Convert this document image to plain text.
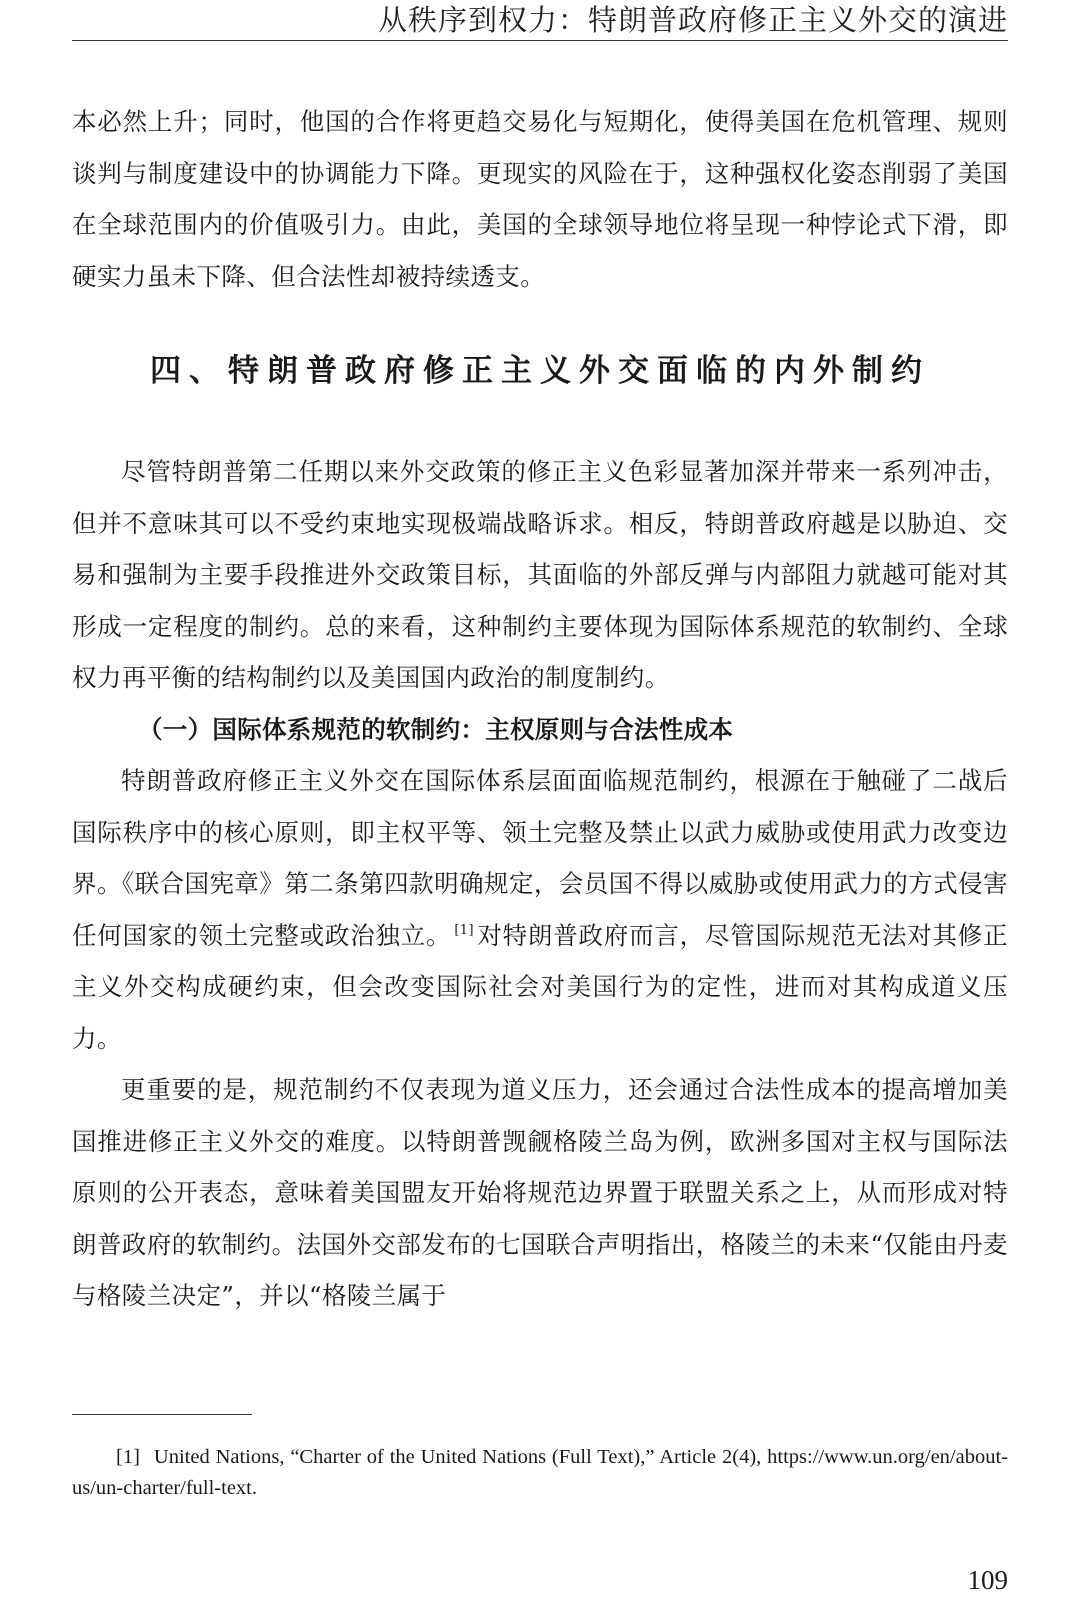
从秩序到权力：特朗普政府修正主义外交的演进

本必然上升；同时，他国的合作将更趋交易化与短期化，使得美国在危机管理、规则谈判与制度建设中的协调能力下降。更现实的风险在于，这种强权化姿态削弱了美国在全球范围内的价值吸引力。由此，美国的全球领导地位将呈现一种悖论式下滑，即硬实力虽未下降、但合法性却被持续透支。

四、特朗普政府修正主义外交面临的内外制约

尽管特朗普第二任期以来外交政策的修正主义色彩显著加深并带来一系列冲击，但并不意味其可以不受约束地实现极端战略诉求。相反，特朗普政府越是以胁迫、交易和强制为主要手段推进外交政策目标，其面临的外部反弹与内部阻力就越可能对其形成一定程度的制约。总的来看，这种制约主要体现为国际体系规范的软制约、全球权力再平衡的结构制约以及美国国内政治的制度制约。

（一）国际体系规范的软制约：主权原则与合法性成本

特朗普政府修正主义外交在国际体系层面面临规范制约，根源在于触碰了二战后国际秩序中的核心原则，即主权平等、领土完整及禁止以武力威胁或使用武力改变边界。《联合国宪章》第二条第四款明确规定，会员国不得以威胁或使用武力的方式侵害任何国家的领土完整或政治独立。 [1] 对特朗普政府而言，尽管国际规范无法对其修正主义外交构成硬约束，但会改变国际社会对美国行为的定性，进而对其构成道义压力。

更重要的是，规范制约不仅表现为道义压力，还会通过合法性成本的提高增加美国推进修正主义外交的难度。以特朗普觊觎格陵兰岛为例，欧洲多国对主权与国际法原则的公开表态，意味着美国盟友开始将规范边界置于联盟关系之上，从而形成对特朗普政府的软制约。法国外交部发布的七国联合声明指出，格陵兰的未来“仅能由丹麦与格陵兰决定”，并以“格陵兰属于

[1] United Nations, “Charter of the United Nations (Full Text),” Article 2(4), https://www.un.org/en/about-us/un-charter/full-text.
109
